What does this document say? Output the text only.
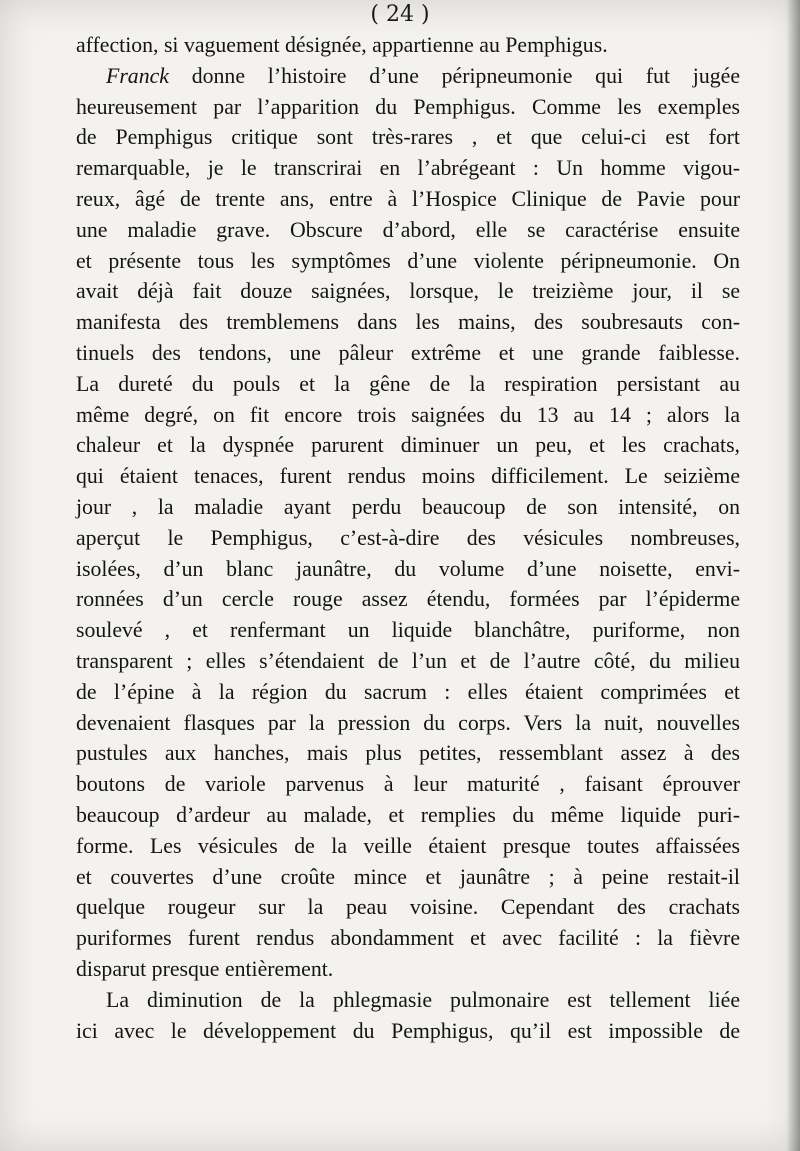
( 24 )
affection, si vaguement désignée, appartienne au Pemphigus.
Franck donne l’histoire d’une péripneumonie qui fut jugée
heureusement par l’apparition du Pemphigus. Comme les exemples
de Pemphigus critique sont très-rares , et que celui-ci est fort
remarquable, je le transcrirai en l’abrégeant : Un homme vigou-
reux, âgé de trente ans, entre à l’Hospice Clinique de Pavie pour
une maladie grave. Obscure d’abord, elle se caractérise ensuite
et présente tous les symptômes d’une violente péripneumonie. On
avait déjà fait douze saignées, lorsque, le treizième jour, il se
manifesta des tremblemens dans les mains, des soubresauts con-
tinuels des tendons, une pâleur extrême et une grande faiblesse.
La dureté du pouls et la gêne de la respiration persistant au
même degré, on fit encore trois saignées du 13 au 14 ; alors la
chaleur et la dyspnée parurent diminuer un peu, et les crachats,
qui étaient tenaces, furent rendus moins difficilement. Le seizième
jour , la maladie ayant perdu beaucoup de son intensité, on
aperçut le Pemphigus, c’est-à-dire des vésicules nombreuses,
isolées, d’un blanc jaunâtre, du volume d’une noisette, envi-
ronnées d’un cercle rouge assez étendu, formées par l’épiderme
soulevé , et renfermant un liquide blanchâtre, puriforme, non
transparent ; elles s’étendaient de l’un et de l’autre côté, du milieu
de l’épine à la région du sacrum : elles étaient comprimées et
devenaient flasques par la pression du corps. Vers la nuit, nouvelles
pustules aux hanches, mais plus petites, ressemblant assez à des
boutons de variole parvenus à leur maturité , faisant éprouver
beaucoup d’ardeur au malade, et remplies du même liquide puri-
forme. Les vésicules de la veille étaient presque toutes affaissées
et couvertes d’une croûte mince et jaunâtre ; à peine restait-il
quelque rougeur sur la peau voisine. Cependant des crachats
puriformes furent rendus abondamment et avec facilité : la fièvre
disparut presque entièrement.
La diminution de la phlegmasie pulmonaire est tellement liée
ici avec le développement du Pemphigus, qu’il est impossible de
